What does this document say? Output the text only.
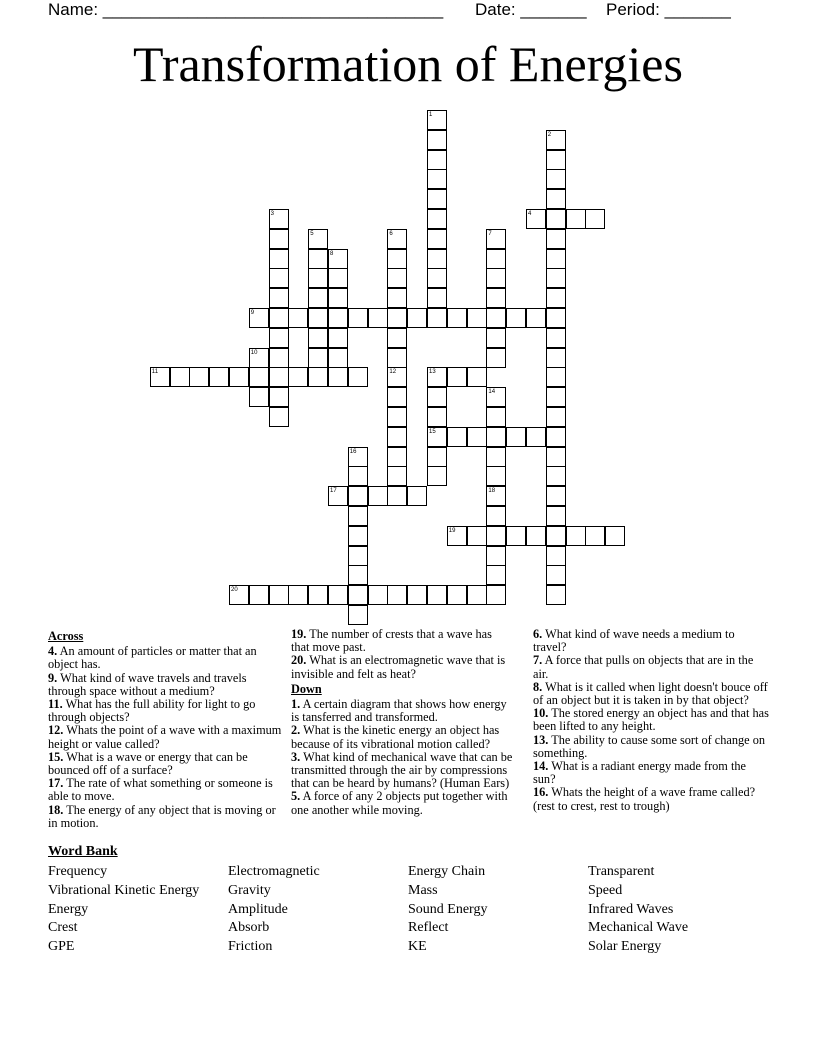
Name: ____________________________________ Date: _______ Period: _______
Transformation of Energies
1
2
3	4
5	6	7
8
9
10
11	12	13
14
15
16
17	18
19
20
Across
4. An amount of particles or matter that an object has.
9. What kind of wave travels and travels through space without a medium?
11. What has the full ability for light to go through objects?
12. Whats the point of a wave with a maximum height or value called?
15. What is a wave or energy that can be bounced off of a surface?
17. The rate of what something or someone is able to move.
18. The energy of any object that is moving or in motion.
19. The number of crests that a wave has that move past.
20. What is an electromagnetic wave that is invisible and felt as heat?
Down
1. A certain diagram that shows how energy is tansferred and transformed.
2. What is the kinetic energy an object has because of its vibrational motion called?
3. What kind of mechanical wave that can be transmitted through the air by compressions that can be heard by humans? (Human Ears)
5. A force of any 2 objects put together with one another while moving.
6. What kind of wave needs a medium to travel?
7. A force that pulls on objects that are in the air.
8. What is it called when light doesn't bouce off of an object but it is taken in by that object?
10. The stored energy an object has and that has been lifted to any height.
13. The ability to cause some sort of change on something.
14. What is a radiant energy made from the sun?
16. Whats the height of a wave frame called? (rest to crest, rest to trough)
Word Bank
Frequency
Vibrational Kinetic Energy
Energy
Crest
GPE
Electromagnetic
Gravity
Amplitude
Absorb
Friction
Energy Chain
Mass
Sound Energy
Reflect
KE
Transparent
Speed
Infrared Waves
Mechanical Wave
Solar Energy
